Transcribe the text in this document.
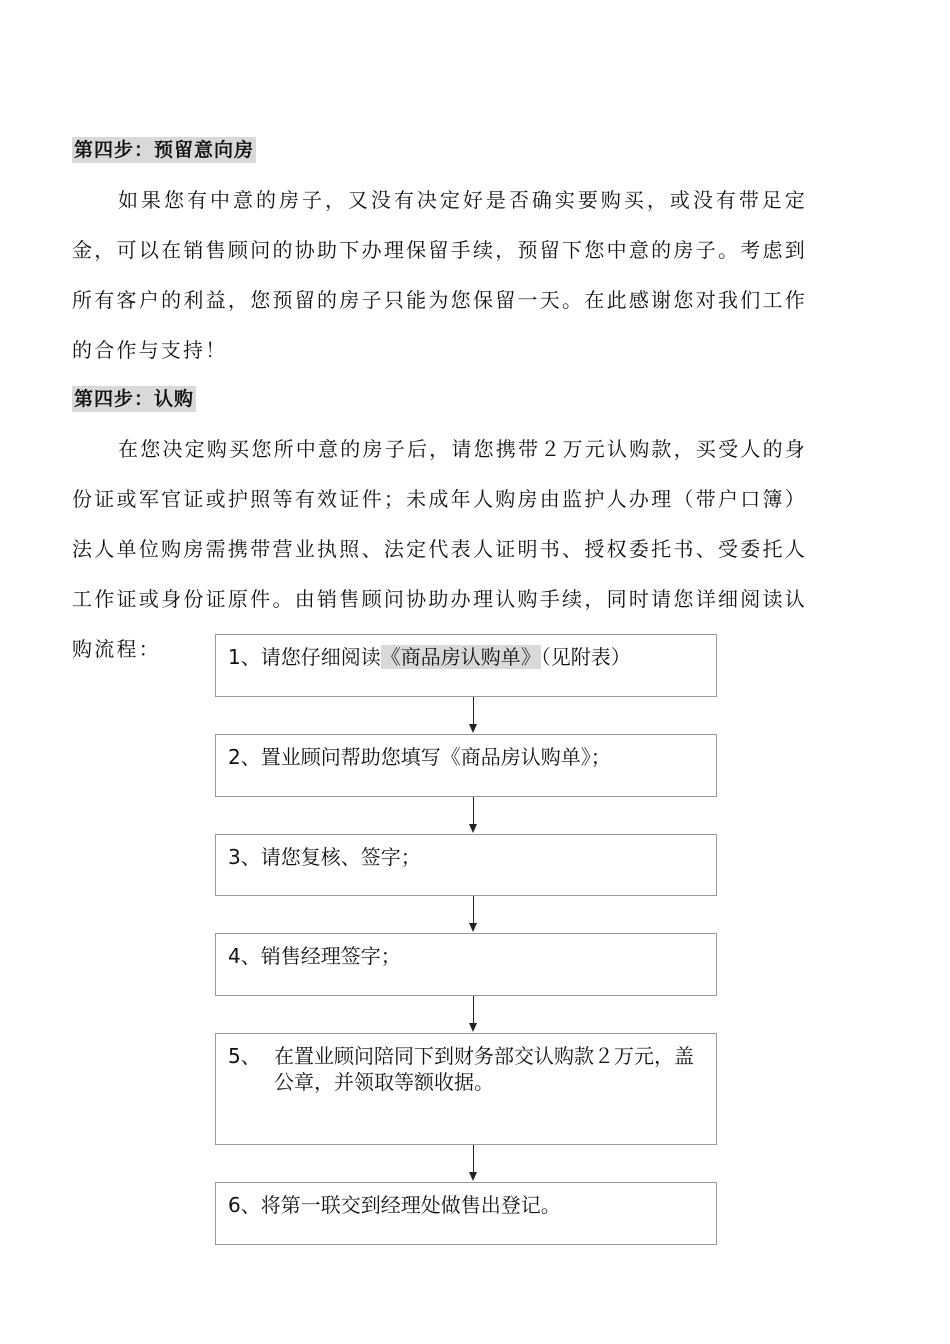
第四步：预留意向房
如果您有中意的房子，又没有决定好是否确实要购买，或没有带足定金，可以在销售顾问的协助下办理保留手续，预留下您中意的房子。考虑到所有客户的利益，您预留的房子只能为您保留一天。在此感谢您对我们工作的合作与支持！
第四步：认购
在您决定购买您所中意的房子后，请您携带２万元认购款，买受人的身份证或军官证或护照等有效证件；未成年人购房由监护人办理（带户口簿）法人单位购房需携带营业执照、法定代表人证明书、授权委托书、受委托人工作证或身份证原件。由销售顾问协助办理认购手续，同时请您详细阅读认购流程：	1、请您仔细阅读《商品房认购单》（见附表）
2、置业顾问帮助您填写《商品房认购单》；
3、请您复核、签字；
4、销售经理签字；
5、 在置业顾问陪同下到财务部交认购款２万元，盖公章，并领取等额收据。
6、将第一联交到经理处做售出登记。
